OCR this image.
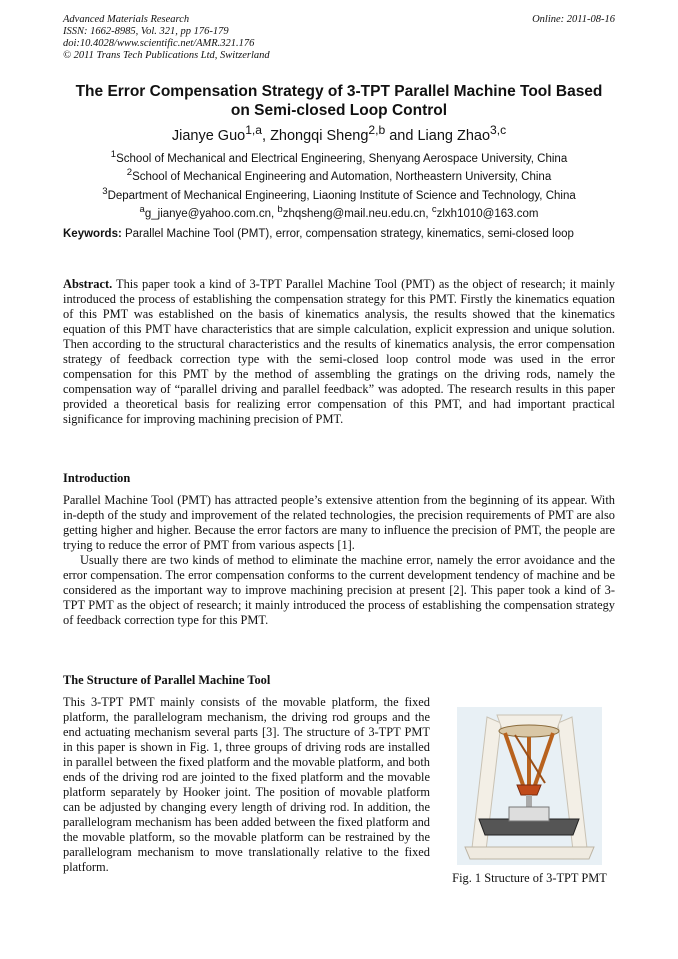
Advanced Materials Research
ISSN: 1662-8985, Vol. 321, pp 176-179
doi:10.4028/www.scientific.net/AMR.321.176
© 2011 Trans Tech Publications Ltd, Switzerland
Online: 2011-08-16
The Error Compensation Strategy of 3-TPT Parallel Machine Tool Based
on Semi-closed Loop Control
Jianye Guo$^{1,a}$, Zhongqi Sheng$^{2,b}$ and Liang Zhao$^{3,c}$
$^1$School of Mechanical and Electrical Engineering, Shenyang Aerospace University, China
$^2$School of Mechanical Engineering and Automation, Northeastern University, China
$^3$Department of Mechanical Engineering, Liaoning Institute of Science and Technology, China
$^a$g_jianye@yahoo.com.cn, $^b$zhqsheng@mail.neu.edu.cn, $^c$zlxh1010@163.com
Keywords: Parallel Machine Tool (PMT), error, compensation strategy, kinematics, semi-closed loop
Abstract. This paper took a kind of 3-TPT Parallel Machine Tool (PMT) as the object of research; it mainly introduced the process of establishing the compensation strategy for this PMT. Firstly the kinematics equation of this PMT was established on the basis of kinematics analysis, the results showed that the kinematics equation of this PMT have characteristics that are simple calculation, explicit expression and unique solution. Then according to the structural characteristics and the results of kinematics analysis, the error compensation strategy of feedback correction type with the semi-closed loop control mode was used in the error compensation for this PMT by the method of assembling the gratings on the driving rods, namely the compensation way of “parallel driving and parallel feedback” was adopted. The research results in this paper provided a theoretical basis for realizing error compensation of this PMT, and had important practical significance for improving machining precision of PMT.
Introduction

Parallel Machine Tool (PMT) has attracted people’s extensive attention from the beginning of its appear. With in-depth of the study and improvement of the related technologies, the precision requirements of PMT are also getting higher and higher. Because the error factors are many to influence the precision of PMT, the people are trying to reduce the error of PMT from various aspects [1].

Usually there are two kinds of method to eliminate the machine error, namely the error avoidance and the error compensation. The error compensation conforms to the current development tendency of machine and be considered as the important way to improve machining precision at present [2]. This paper took a kind of 3-TPT PMT as the object of research; it mainly introduced the process of establishing the compensation strategy of feedback correction type for this PMT.

The Structure of Parallel Machine Tool
This 3-TPT PMT mainly consists of the movable platform, the fixed platform, the parallelogram mechanism, the driving rod groups and the end actuating mechanism several parts [3]. The structure of 3-TPT PMT in this paper is shown in Fig. 1, three groups of driving rods are installed in parallel between the fixed platform and the movable platform, and both ends of the driving rod are jointed to the fixed platform and the movable platform separately by Hooker joint. The position of movable platform can be adjusted by changing every length of driving rod. In addition, the parallelogram mechanism has been added between the fixed platform and the movable platform, so the movable platform can be restrained by the parallelogram mechanism to move translationally relative to the fixed platform.
Fig. 1 Structure of 3-TPT PMT
